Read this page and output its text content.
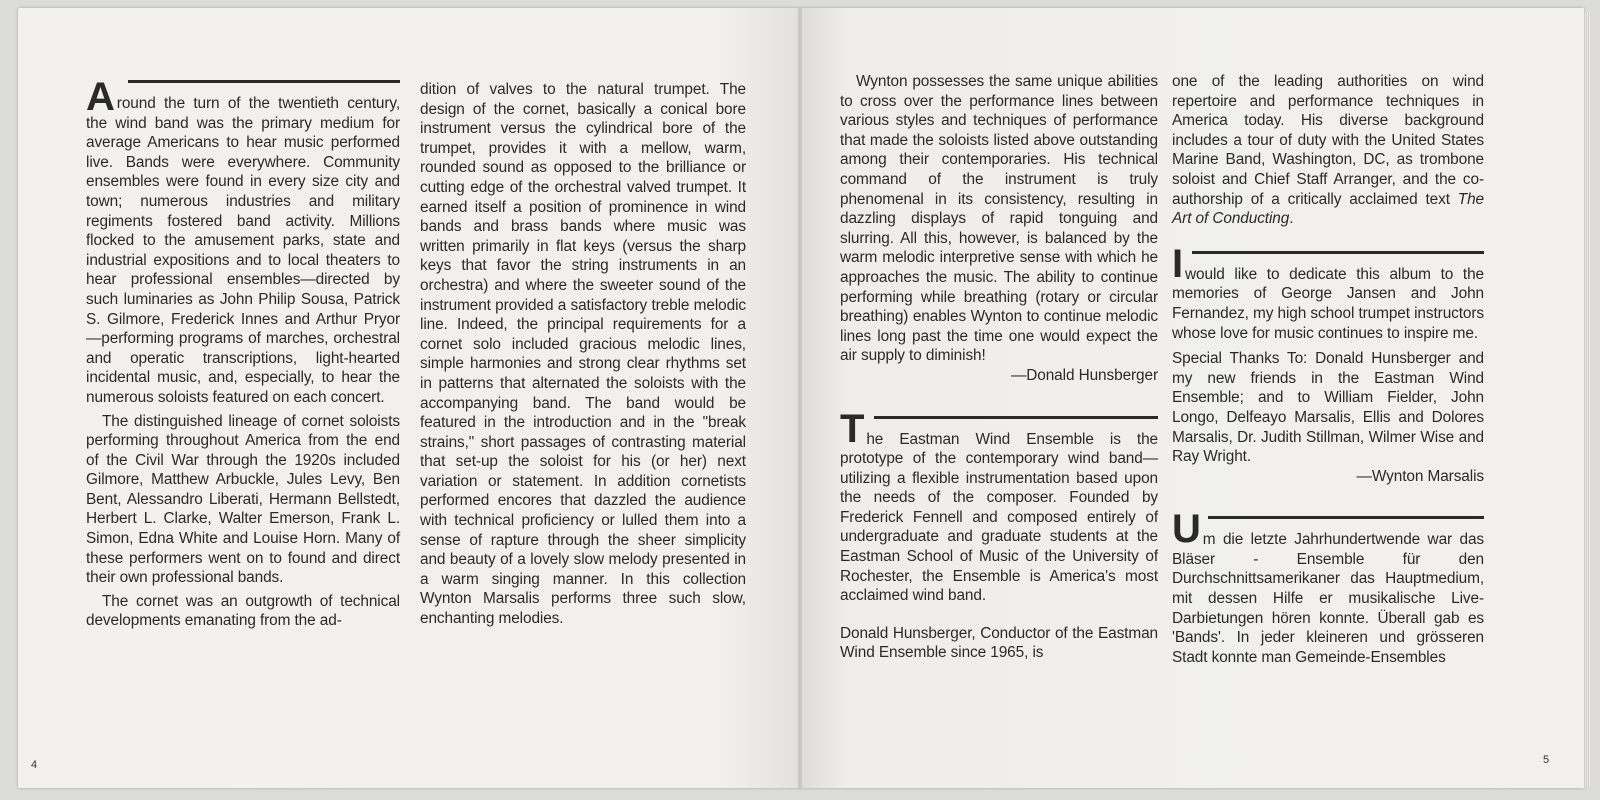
A round the turn of the twentieth century, the wind band was the primary medium for average Americans to hear music performed live. Bands were everywhere. Community ensembles were found in every size city and town; numerous industries and military regiments fostered band activity. Millions flocked to the amusement parks, state and industrial expositions and to local theaters to hear professional ensembles—directed by such luminaries as John Philip Sousa, Patrick S. Gilmore, Frederick Innes and Arthur Pryor—performing programs of marches, orchestral and operatic transcriptions, light-hearted incidental music, and, especially, to hear the numerous soloists featured on each concert.

The distinguished lineage of cornet soloists performing throughout America from the end of the Civil War through the 1920s included Gilmore, Matthew Arbuckle, Jules Levy, Ben Bent, Alessandro Liberati, Hermann Bellstedt, Herbert L. Clarke, Walter Emerson, Frank L. Simon, Edna White and Louise Horn. Many of these performers went on to found and direct their own professional bands.

The cornet was an outgrowth of technical developments emanating from the ad-

dition of valves to the natural trumpet. The design of the cornet, basically a conical bore instrument versus the cylindrical bore of the trumpet, provides it with a mellow, warm, rounded sound as opposed to the brilliance or cutting edge of the orchestral valved trumpet. It earned itself a position of prominence in wind bands and brass bands where music was written primarily in flat keys (versus the sharp keys that favor the string instruments in an orchestra) and where the sweeter sound of the instrument provided a satisfactory treble melodic line. Indeed, the principal requirements for a cornet solo included gracious melodic lines, simple harmonies and strong clear rhythms set in patterns that alternated the soloists with the accompanying band. The band would be featured in the introduction and in the "break strains," short passages of contrasting material that set-up the soloist for his (or her) next variation or statement. In addition cornetists performed encores that dazzled the audience with technical proficiency or lulled them into a sense of rapture through the sheer simplicity and beauty of a lovely slow melody presented in a warm singing manner. In this collection Wynton Marsalis performs three such slow, enchanting melodies.

4

Wynton possesses the same unique abilities to cross over the performance lines between various styles and techniques of performance that made the soloists listed above outstanding among their contemporaries. His technical command of the instrument is truly phenomenal in its consistency, resulting in dazzling displays of rapid tonguing and slurring. All this, however, is balanced by the warm melodic interpretive sense with which he approaches the music. The ability to continue performing while breathing (rotary or circular breathing) enables Wynton to continue melodic lines long past the time one would expect the air supply to diminish!

—Donald Hunsberger
T he Eastman Wind Ensemble is the prototype of the contemporary wind band—utilizing a flexible instrumentation based upon the needs of the composer. Founded by Frederick Fennell and composed entirely of undergraduate and graduate students at the Eastman School of Music of the University of Rochester, the Ensemble is America's most acclaimed wind band.

Donald Hunsberger, Conductor of the Eastman Wind Ensemble since 1965, is

one of the leading authorities on wind repertoire and performance techniques in America today. His diverse background includes a tour of duty with the United States Marine Band, Washington, DC, as trombone soloist and Chief Staff Arranger, and the co-authorship of a critically acclaimed text The Art of Conducting.

I would like to dedicate this album to the memories of George Jansen and John Fernandez, my high school trumpet instructors whose love for music continues to inspire me.

Special Thanks To: Donald Hunsberger and my new friends in the Eastman Wind Ensemble; and to William Fielder, John Longo, Delfeayo Marsalis, Ellis and Dolores Marsalis, Dr. Judith Stillman, Wilmer Wise and Ray Wright.

—Wynton Marsalis
U m die letzte Jahrhundertwende war das Bläser - Ensemble für den Durchschnittsamerikaner das Hauptmedium, mit dessen Hilfe er musikalische Live-Darbietungen hören konnte. Überall gab es 'Bands'. In jeder kleineren und grösseren Stadt konnte man Gemeinde-Ensembles

5
